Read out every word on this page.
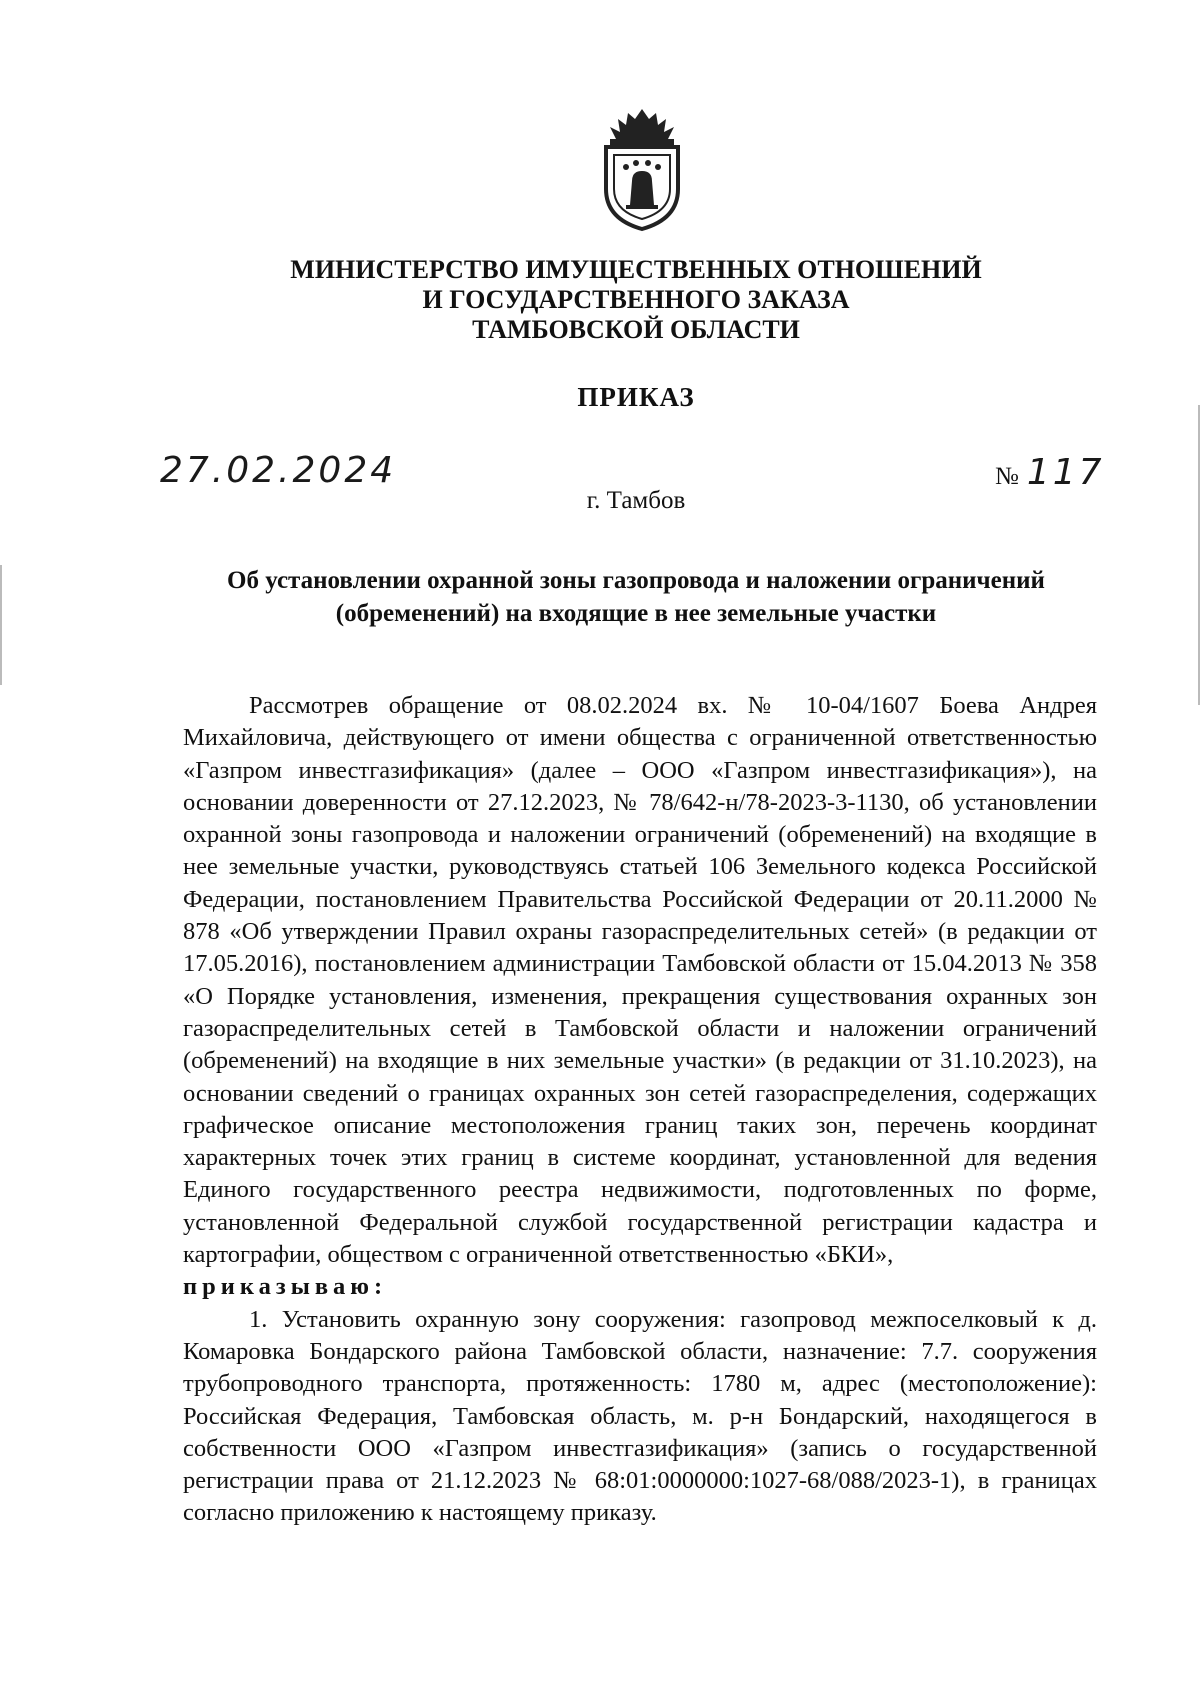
МИНИСТЕРСТВО ИМУЩЕСТВЕННЫХ ОТНОШЕНИЙ
И ГОСУДАРСТВЕННОГО ЗАКАЗА
ТАМБОВСКОЙ ОБЛАСТИ
ПРИКАЗ
27.02.2024	№ 117
г. Тамбов
Об установлении охранной зоны газопровода и наложении ограничений
(обременений) на входящие в нее земельные участки

Рассмотрев обращение от 08.02.2024 вх. № 10-04/1607 Боева Андрея Михайловича, действующего от имени общества с ограниченной ответственностью «Газпром инвестгазификация» (далее – ООО «Газпром инвестгазификация»), на основании доверенности от 27.12.2023, № 78/642-н/78-2023-3-1130, об установлении охранной зоны газопровода и наложении ограничений (обременений) на входящие в нее земельные участки, руководствуясь статьей 106 Земельного кодекса Российской Федерации, постановлением Правительства Российской Федерации от 20.11.2000 № 878 «Об утверждении Правил охраны газораспределительных сетей» (в редакции от 17.05.2016), постановлением администрации Тамбовской области от 15.04.2013 № 358 «О Порядке установления, изменения, прекращения существования охранных зон газораспределительных сетей в Тамбовской области и наложении ограничений (обременений) на входящие в них земельные участки» (в редакции от 31.10.2023), на основании сведений о границах охранных зон сетей газораспределения, содержащих графическое описание местоположения границ таких зон, перечень координат характерных точек этих границ в системе координат, установленной для ведения Единого государственного реестра недвижимости, подготовленных по форме, установленной Федеральной службой государственной регистрации кадастра и картографии, обществом с ограниченной ответственностью «БКИ»,

приказываю:

1. Установить охранную зону сооружения: газопровод межпоселковый к д. Комаровка Бондарского района Тамбовской области, назначение: 7.7. сооружения трубопроводного транспорта, протяженность: 1780 м, адрес (местоположение): Российская Федерация, Тамбовская область, м. р-н Бондарский, находящегося в собственности ООО «Газпром инвестгазификация» (запись о государственной регистрации права от 21.12.2023 № 68:01:0000000:1027-68/088/2023-1), в границах согласно приложению к настоящему приказу.
